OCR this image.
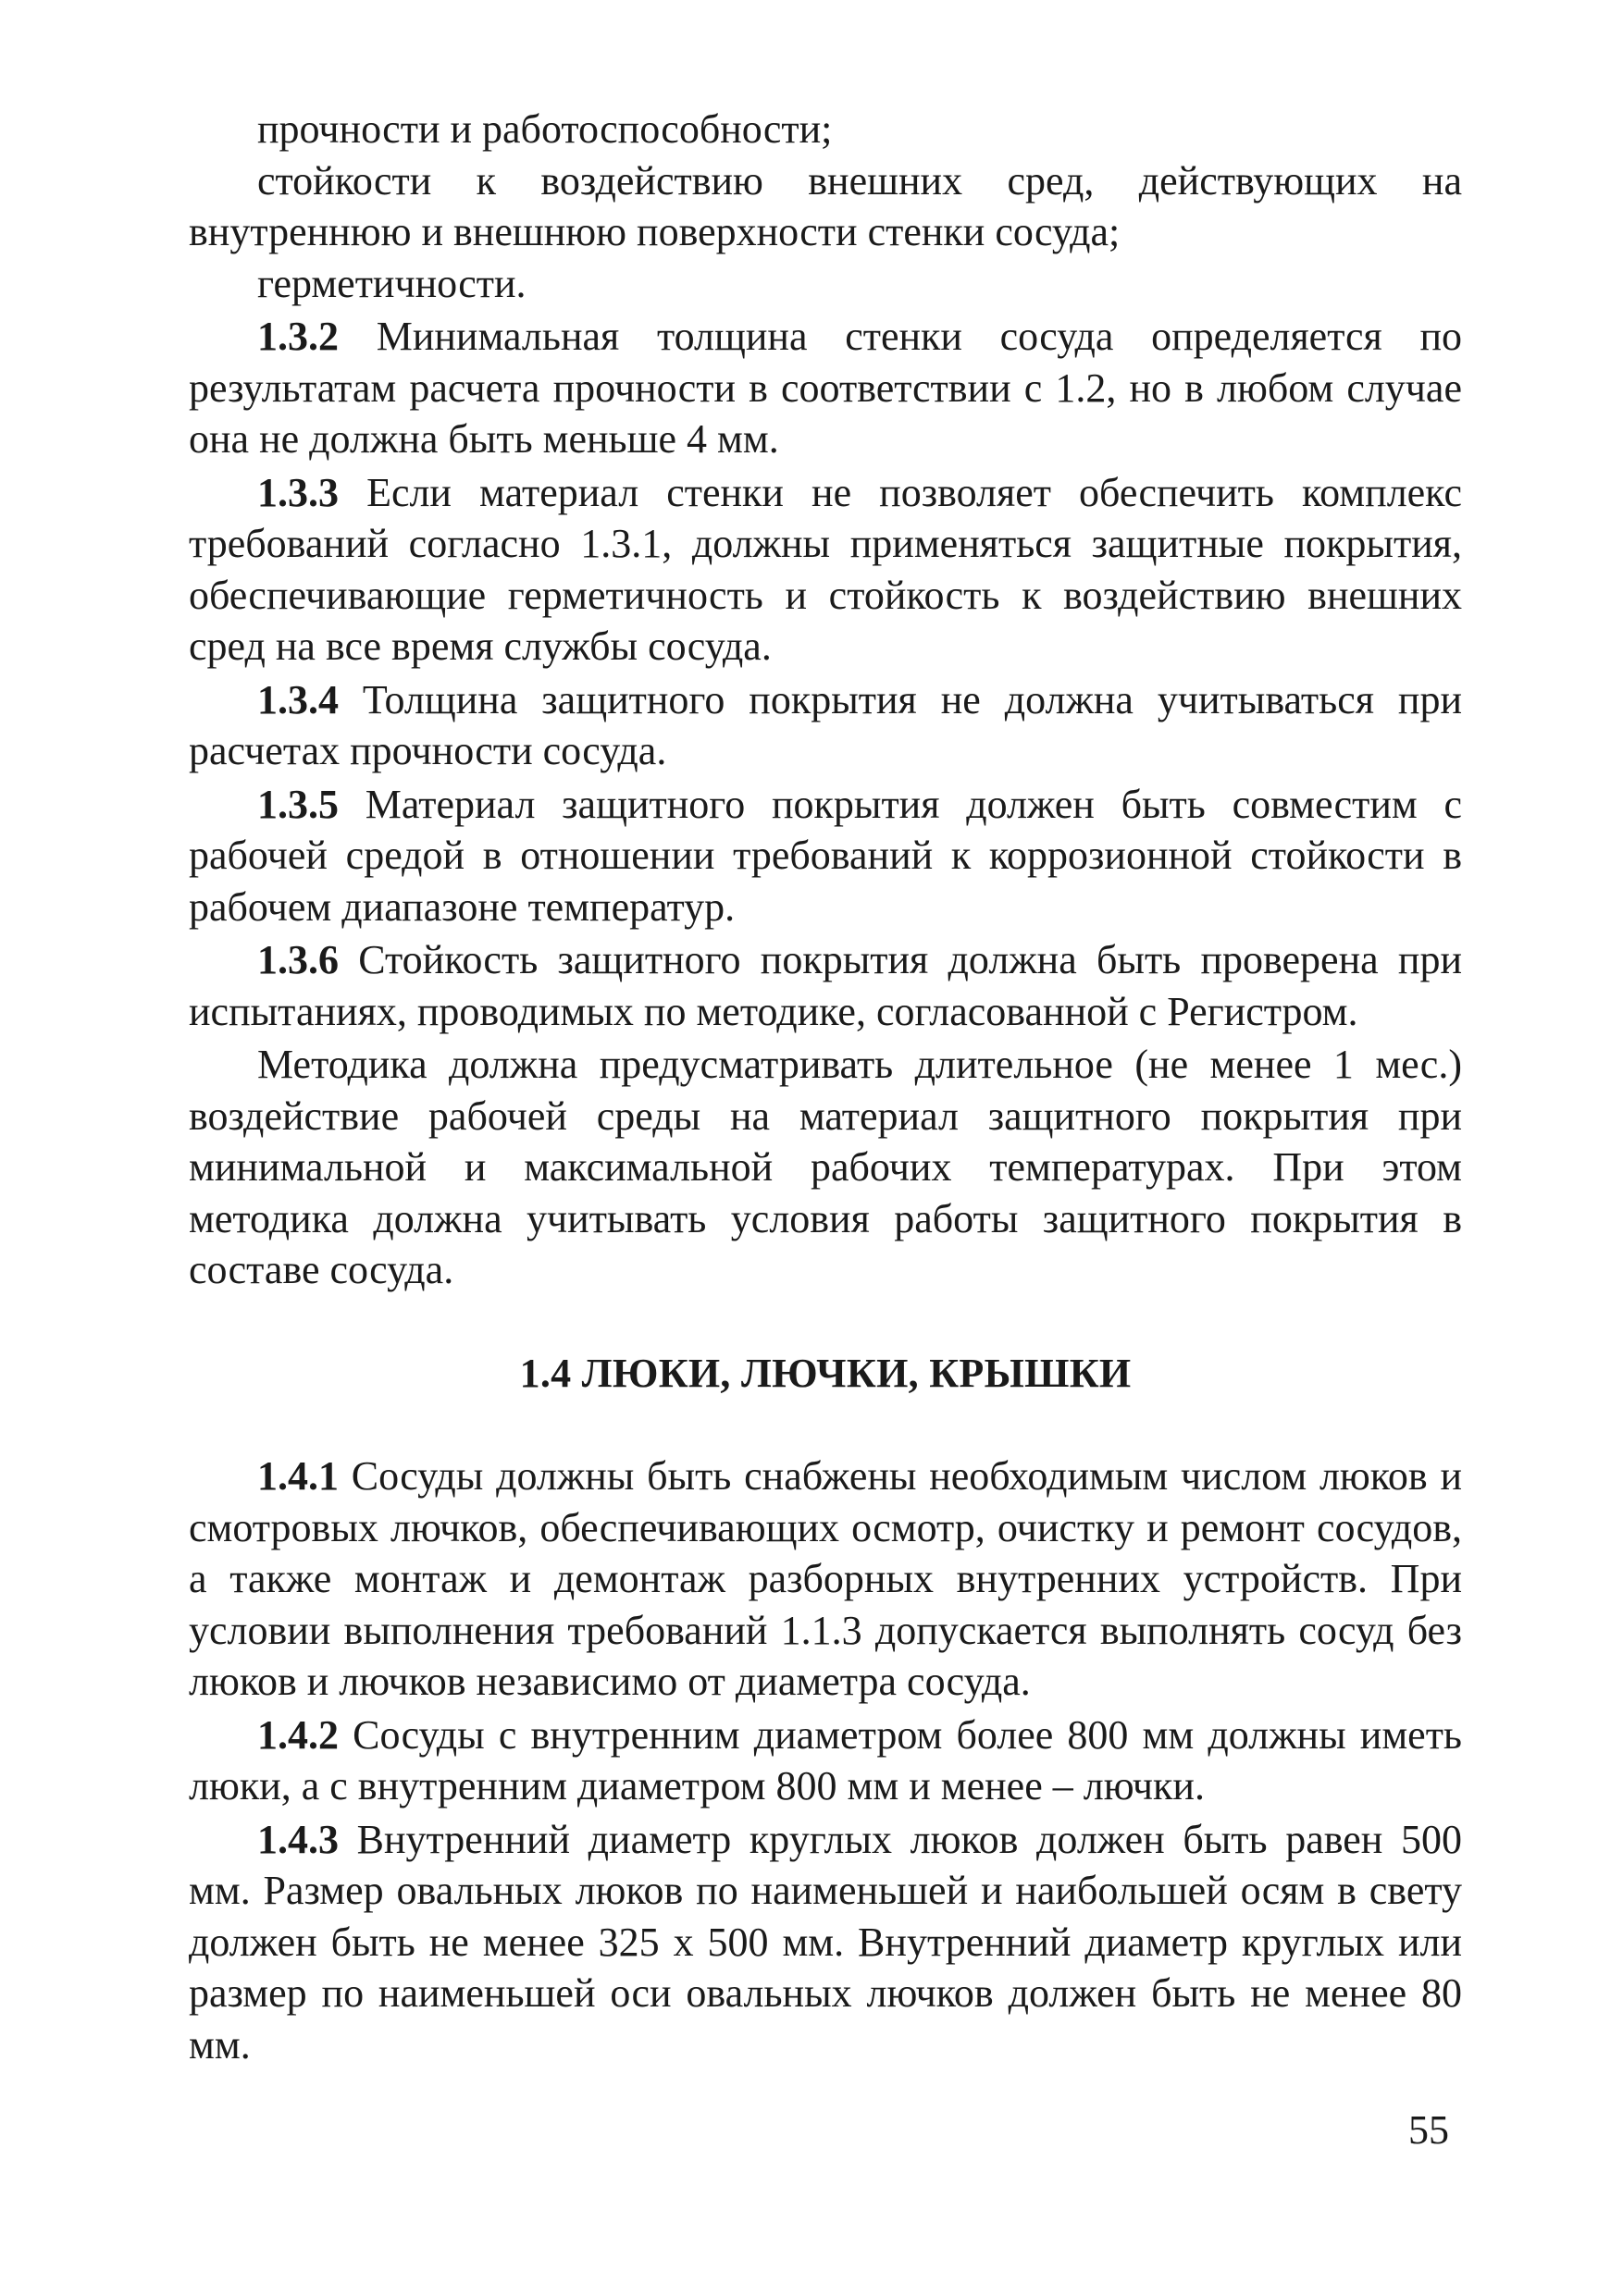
прочности и работоспособности;

стойкости к воздействию внешних сред, действующих на внутреннюю и внешнюю поверхности стенки сосуда;

герметичности.

1.3.2 Минимальная толщина стенки сосуда определяется по результатам расчета прочности в соответствии с 1.2, но в любом случае она не должна быть меньше 4 мм.

1.3.3 Если материал стенки не позволяет обеспечить комплекс требований согласно 1.3.1, должны применяться защитные покрытия, обеспечивающие герметичность и стойкость к воздействию внешних сред на все время службы сосуда.

1.3.4 Толщина защитного покрытия не должна учитываться при расчетах прочности сосуда.

1.3.5 Материал защитного покрытия должен быть совместим с рабочей средой в отношении требований к коррозионной стойкости в рабочем диапазоне температур.

1.3.6 Стойкость защитного покрытия должна быть проверена при испытаниях, проводимых по методике, согласованной с Регистром.

Методика должна предусматривать длительное (не менее 1 мес.) воздействие рабочей среды на материал защитного покрытия при минимальной и максимальной рабочих температурах. При этом методика должна учитывать условия работы защитного покрытия в составе сосуда.

1.4 ЛЮКИ, ЛЮЧКИ, КРЫШКИ

1.4.1 Сосуды должны быть снабжены необходимым числом люков и смотровых лючков, обеспечивающих осмотр, очистку и ремонт сосудов, а также монтаж и демонтаж разборных внутренних устройств. При условии выполнения требований 1.1.3 допускается выполнять сосуд без люков и лючков независимо от диаметра сосуда.

1.4.2 Сосуды с внутренним диаметром более 800 мм должны иметь люки, а с внутренним диаметром 800 мм и менее – лючки.

1.4.3 Внутренний диаметр круглых люков должен быть равен 500 мм. Размер овальных люков по наименьшей и наибольшей осям в свету должен быть не менее 325 х 500 мм. Внутренний диаметр круглых или размер по наименьшей оси овальных лючков должен быть не менее 80 мм.

55
